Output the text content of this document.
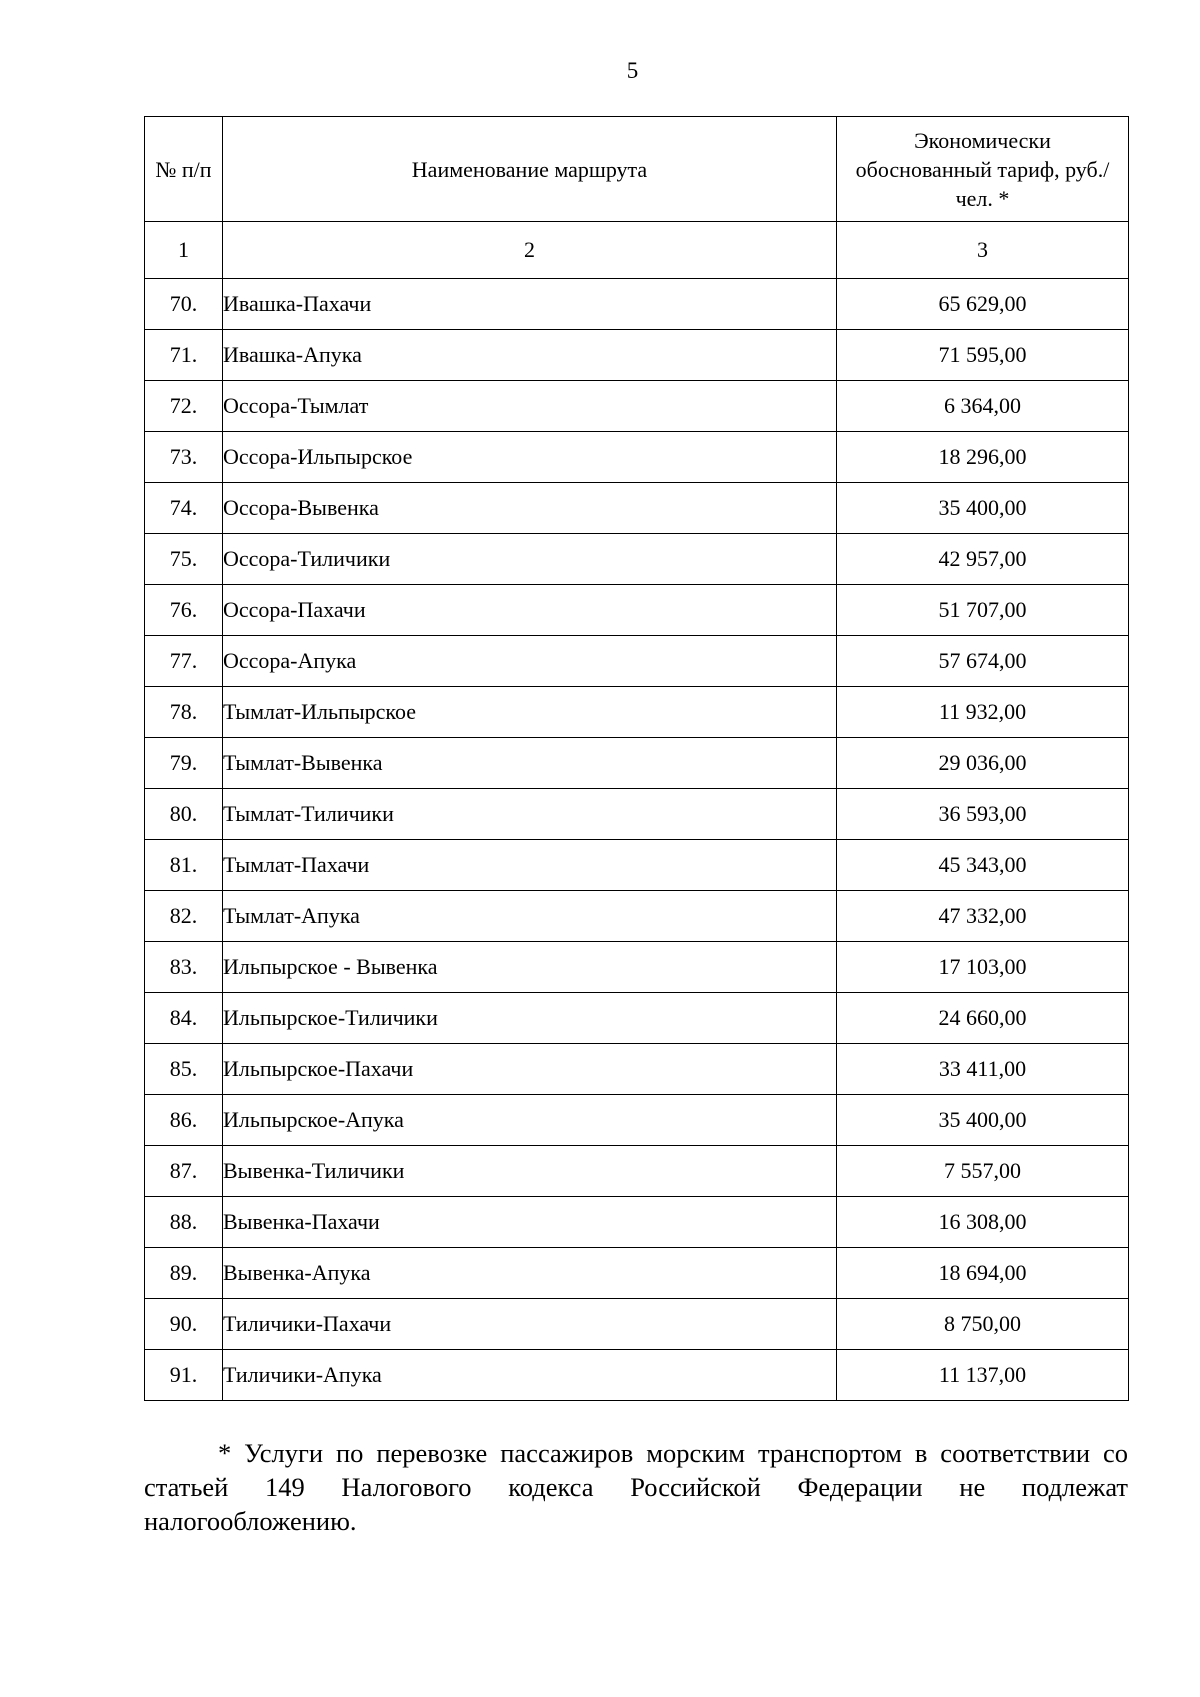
5
№ п/п	Наименование маршрута	Экономически обоснованный тариф, руб./чел. *
1	2	3
70.	Ивашка-Пахачи	65 629,00
71.	Ивашка-Апука	71 595,00
72.	Оссора-Тымлат	6 364,00
73.	Оссора-Ильпырское	18 296,00
74.	Оссора-Вывенка	35 400,00
75.	Оссора-Тиличики	42 957,00
76.	Оссора-Пахачи	51 707,00
77.	Оссора-Апука	57 674,00
78.	Тымлат-Ильпырское	11 932,00
79.	Тымлат-Вывенка	29 036,00
80.	Тымлат-Тиличики	36 593,00
81.	Тымлат-Пахачи	45 343,00
82.	Тымлат-Апука	47 332,00
83.	Ильпырское - Вывенка	17 103,00
84.	Ильпырское-Тиличики	24 660,00
85.	Ильпырское-Пахачи	33 411,00
86.	Ильпырское-Апука	35 400,00
87.	Вывенка-Тиличики	7 557,00
88.	Вывенка-Пахачи	16 308,00
89.	Вывенка-Апука	18 694,00
90.	Тиличики-Пахачи	8 750,00
91.	Тиличики-Апука	11 137,00
* Услуги по перевозке пассажиров морским транспортом в соответствии со статьей 149 Налогового кодекса Российской Федерации не подлежат налогообложению.
